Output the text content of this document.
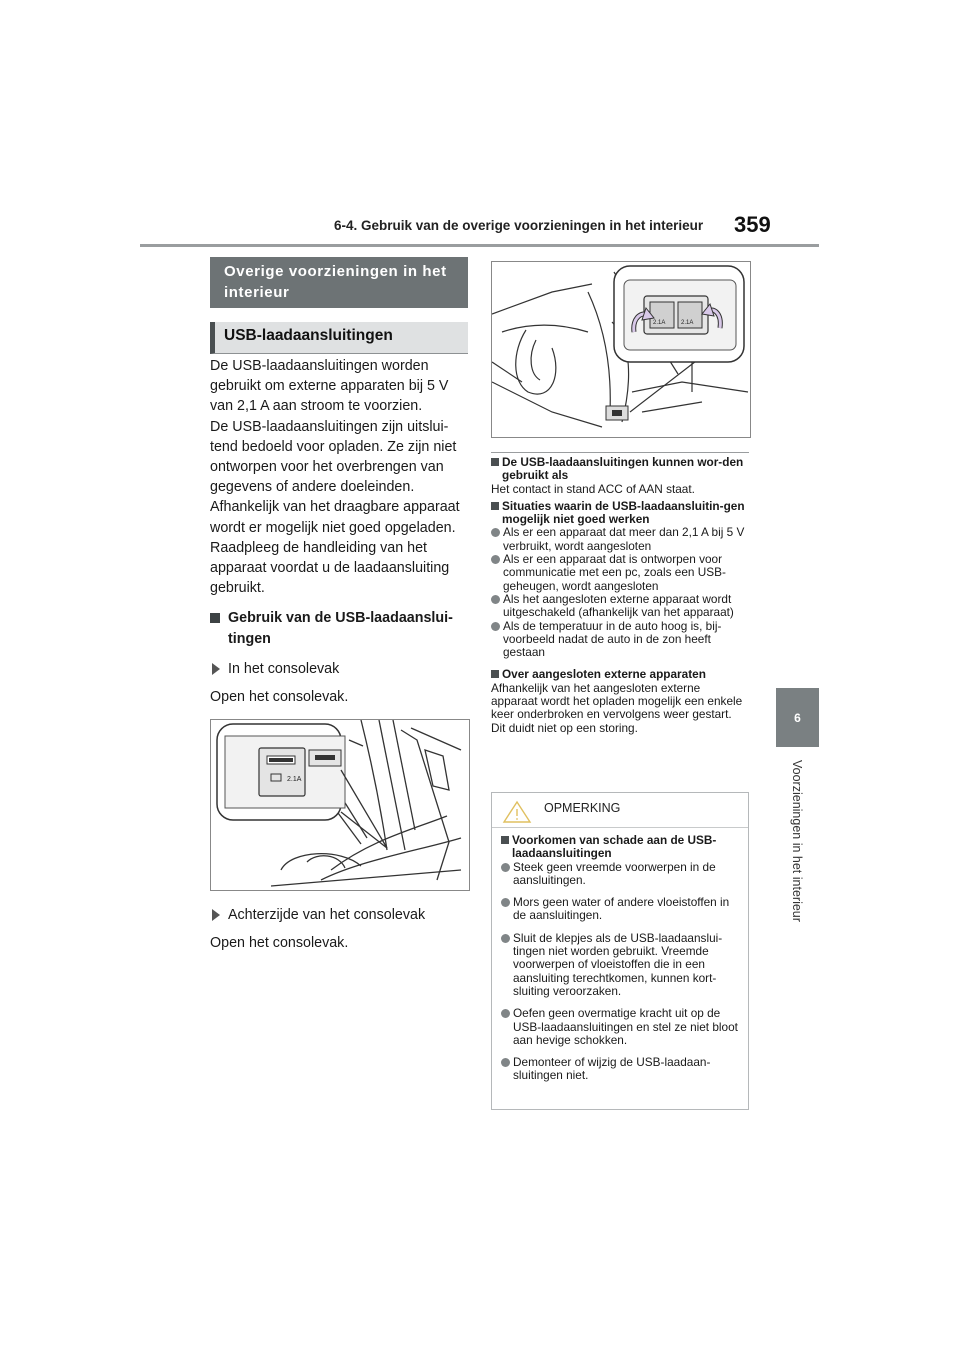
6-4. Gebruik van de overige voorzieningen in het interieur 359
6
Voorzieningen in het interieur
Overige voorzieningen in het interieur
USB-laadaansluitingen

De USB-laadaansluitingen worden gebruikt om externe apparaten bij 5 V van 2,1 A aan stroom te voorzien.

De USB-laadaansluitingen zijn uitslui-tend bedoeld voor opladen. Ze zijn niet ontworpen voor het overbrengen van gegevens of andere doeleinden.

Afhankelijk van het draagbare apparaat wordt er mogelijk niet goed opgeladen. Raadpleeg de handleiding van het apparaat voordat u de laadaansluiting gebruikt.

Gebruik van de USB-laadaanslui-tingen
In het consolevak

Open het consolevak.

2.1A
Achterzijde van het consolevak

Open het consolevak.

2.1A	2.1A
De USB-laadaansluitingen kunnen wor-den gebruikt als
Het contact in stand ACC of AAN staat.
Situaties waarin de USB-laadaansluitin-gen mogelijk niet goed werken
Als er een apparaat dat meer dan 2,1 A bij 5 V verbruikt, wordt aangesloten
Als er een apparaat dat is ontworpen voor communicatie met een pc, zoals een USB-geheugen, wordt aangesloten
Als het aangesloten externe apparaat wordt uitgeschakeld (afhankelijk van het apparaat)
Als de temperatuur in de auto hoog is, bij-voorbeeld nadat de auto in de zon heeft gestaan
Over aangesloten externe apparaten
Afhankelijk van het aangesloten externe apparaat wordt het opladen mogelijk een enkele keer onderbroken en vervolgens weer gestart. Dit duidt niet op een storing.
OPMERKING
Voorkomen van schade aan de USB-laadaansluitingen
Steek geen vreemde voorwerpen in de aansluitingen.
Mors geen water of andere vloeistoffen in de aansluitingen.
Sluit de klepjes als de USB-laadaanslui-tingen niet worden gebruikt. Vreemde voorwerpen of vloeistoffen die in een aansluiting terechtkomen, kunnen kort-sluiting veroorzaken.
Oefen geen overmatige kracht uit op de USB-laadaansluitingen en stel ze niet bloot aan hevige schokken.
Demonteer of wijzig de USB-laadaan-sluitingen niet.
